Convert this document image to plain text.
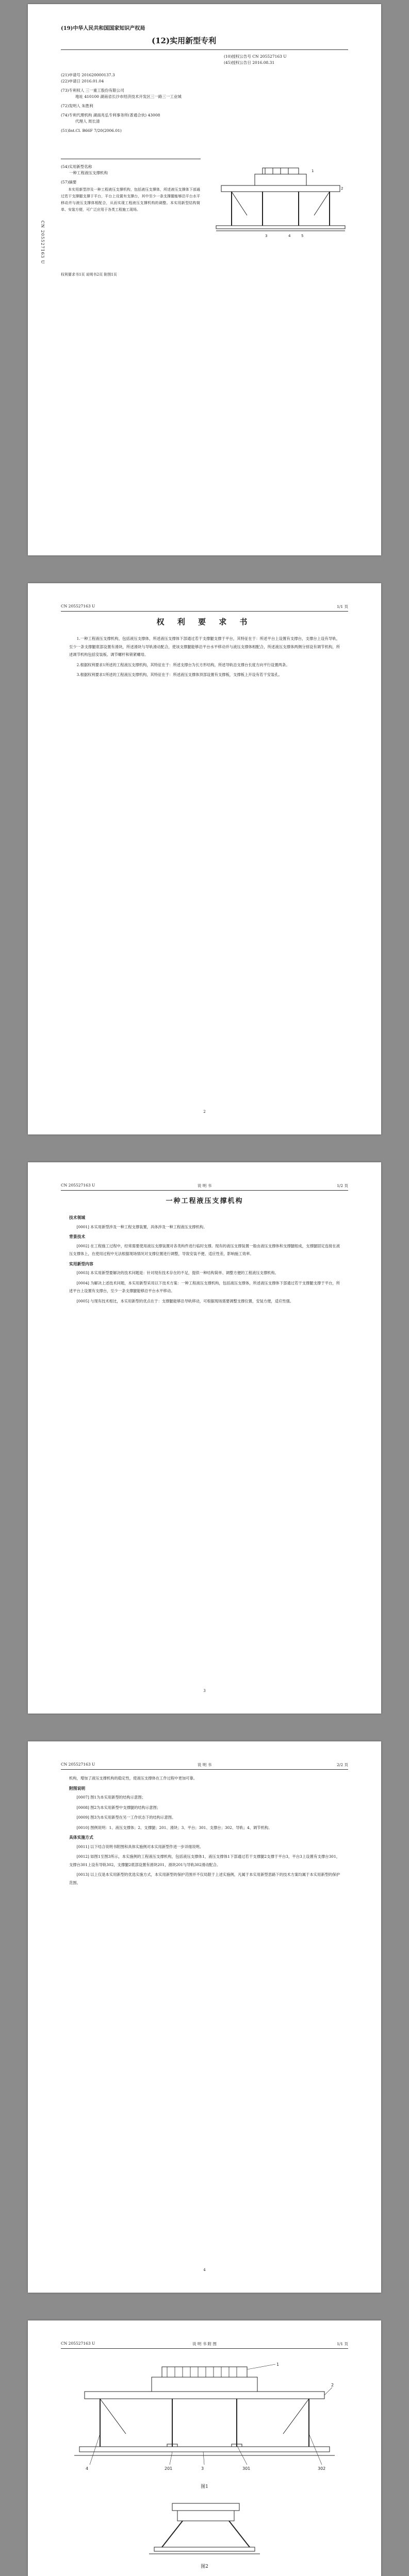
(19)中华人民共和国国家知识产权局
(12)实用新型专利
(10)授权公告号 CN 205527163 U
(45)授权公告日 2016.08.31
(21)申请号 201620000137.3
(22)申请日 2016.01.04
(73)专利权人 三一重工股份有限公司
地址 410100 湖南省长沙市经济技术开发区三一路三一工业城
(72)发明人 朱胜利
(74)专利代理机构 湖南兆弘专利事务所(普通合伙) 43008
代理人 周长清
(51)Int.Cl. B66F 7/20(2006.01)
(54)实用新型名称
一种工程液压支撑机构
(57)摘要
本实用新型涉及一种工程液压支撑机构，包括液压支撑体，所述液压支撑体下部通过若干支撑腿支撑于平台，平台上设置有支撑台，其中至少一条支撑腿能够沿平台水平移动并与液压支撑体相配合，从而实现工程液压支撑机构的调整。本实用新型结构简单、安装方便，可广泛应用于各类工程施工现场。
权利要求书1页 说明书2页 附图1页
1
2
3	4	5
CN 205527163 U
CN 205527163 U	1/1 页
权 利 要 求 书

1.一种工程液压支撑机构，包括液压支撑体，所述液压支撑体下部通过若干支撑腿支撑于平台，其特征在于：所述平台上设置有支撑台，支撑台上设有导轨，至少一条支撑腿底部设置有滑块，所述滑块与导轨滑动配合，使该支撑腿能够沿平台水平移动并与液压支撑体相配合，所述液压支撑体两侧分别设有调节机构，所述调节机构包括安装板、调节螺杆和锁紧螺母。

2.根据权利要求1所述的工程液压支撑机构，其特征在于：所述支撑台为长方形结构，所述导轨沿支撑台长度方向平行设置两条。

3.根据权利要求1所述的工程液压支撑机构，其特征在于：所述液压支撑体顶部设置有支撑板，支撑板上开设有若干安装孔。

2
CN 205527163 U	说 明 书	1/2 页
一种工程液压支撑机构
技术领域

[0001] 本实用新型涉及一种工程支撑装置，具体涉及一种工程液压支撑机构。

背景技术

[0002] 在工程施工过程中，经常需要使用液压支撑装置对各类构件进行临时支撑。现有的液压支撑装置一般由液压支撑体和支撑腿组成，支撑腿固定连接在液压支撑体上，在使用过程中无法根据现场情况对支撑位置进行调整，导致安装不便、适应性差，影响施工效率。

实用新型内容

[0003] 本实用新型要解决的技术问题是：针对现有技术存在的不足，提供一种结构简单、调整方便的工程液压支撑机构。

[0004] 为解决上述技术问题，本实用新型采用以下技术方案：一种工程液压支撑机构，包括液压支撑体，所述液压支撑体下部通过若干支撑腿支撑于平台，所述平台上设置有支撑台，至少一条支撑腿能够沿平台水平移动。

[0005] 与现有技术相比，本实用新型的优点在于：支撑腿能够沿导轨移动，可根据现场需要调整支撑位置，安装方便，适应性强。

3
CN 205527163 U	说 明 书	2/2 页

机构，增加了液压支撑机构的稳定性，使液压支撑体在工作过程中更加可靠。

附图说明

[0007] 图1为本实用新型的结构示意图；

[0008] 图2为本实用新型中支撑腿的结构示意图；

[0009] 图3为本实用新型在另一工作状态下的结构示意图。

[0010] 图例说明：1、液压支撑体；2、支撑腿；201、滑块；3、平台；301、支撑台；302、导轨；4、调节机构。

具体实施方式

[0011] 以下结合说明书附图和具体实施例对本实用新型作进一步详细说明。

[0012] 如图1至图3所示，本实施例的工程液压支撑机构，包括液压支撑体1，液压支撑体1下部通过若干支撑腿2支撑于平台3，平台3上设置有支撑台301，支撑台301上设有导轨302，支撑腿2底部设置有滑块201，滑块201与导轨302滑动配合。

[0013] 以上仅是本实用新型的优选实施方式，本实用新型的保护范围并不仅局限于上述实施例，凡属于本实用新型思路下的技术方案均属于本实用新型的保护范围。

4
CN 205527163 U	说 明 书 附 图	1/1 页
1
2
201	3	301	302
4
图1
图2
